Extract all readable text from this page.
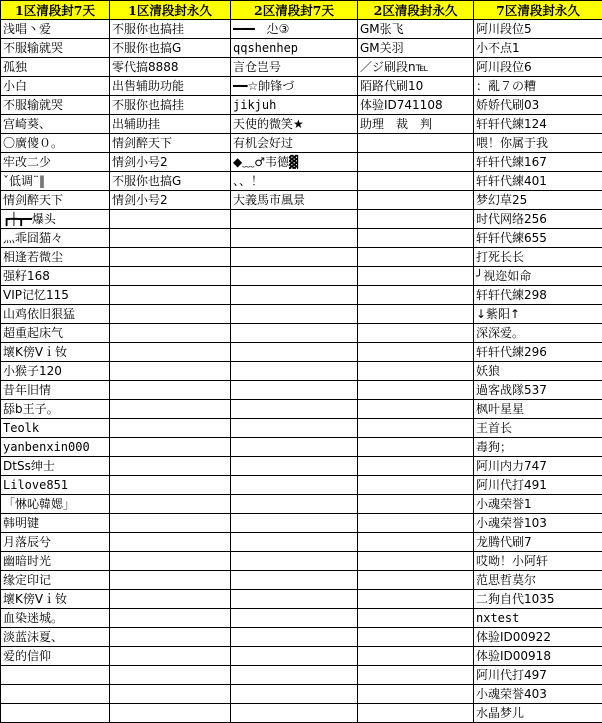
1区清段封7天	1区清段封永久	2区清段封7天	2区清段封永久	7区清段封永久
浅唱丶爱	不服你也搞挂	━━━　尐③	GM张飞	阿川段位5
不服输就哭	不服你也搞G	qqshenhep	GM关羽	小不点1
孤独	零代搞8888	言仓岂号	／ジ刷段n℡	阿川段位6
小白	出售辅助功能	━━☆帥锋づ	陌路代刷10	：亂７の糟
不服输就哭	不服你也搞挂	jikjuh	体验ID741108	娇娇代刷03
宫崎葵、	出辅助挂	天使的微笑★	助理　裁　判	轩轩代練124
〇廣傻０。	情剑醉天下	有机会好过		喂！你属于我
牢改二少	情剑小号2	◆﹏♂韦德▓		轩轩代練167
ˇ低调¨‖	不服你也搞G	、、！		轩轩代練401
情剑醉天下	情剑小号2	大義馬市風景		梦幻草25
┏┿┳━爆头				时代网络256
灬乖囧猫々				轩轩代練655
相逢若微尘				打死长长
强籽168				╯视迩如命
VIP记忆115				轩轩代練298
山鸡依旧狠猛				↓紫阳↑
超重起床气				深深爱。
壞K傍Vｉ钕				轩轩代練296
小猴子120				妖狼
昔年旧情				過客战隊537
舔b王子。				枫叶星星
Teolk				王首长
yanbenxin000				毒狗；
DtSs绅士				阿川内力747
Lilove851				阿川代打491
「惏吣韓媤」				小魂荣誉1
韩明键				小魂荣誉103
月落辰兮				龙腾代刷7
幽暗时光				哎呦！小阿轩
缘定印记				范思哲莫尔
壞K傍Vｉ钕				二狗自代1035
血染迷城。				nxtest
淡蓝沫夏、				体验ID00922
爱的信仰				体验ID00918
				阿川代打497
				小魂荣誉403
				水晶梦儿
